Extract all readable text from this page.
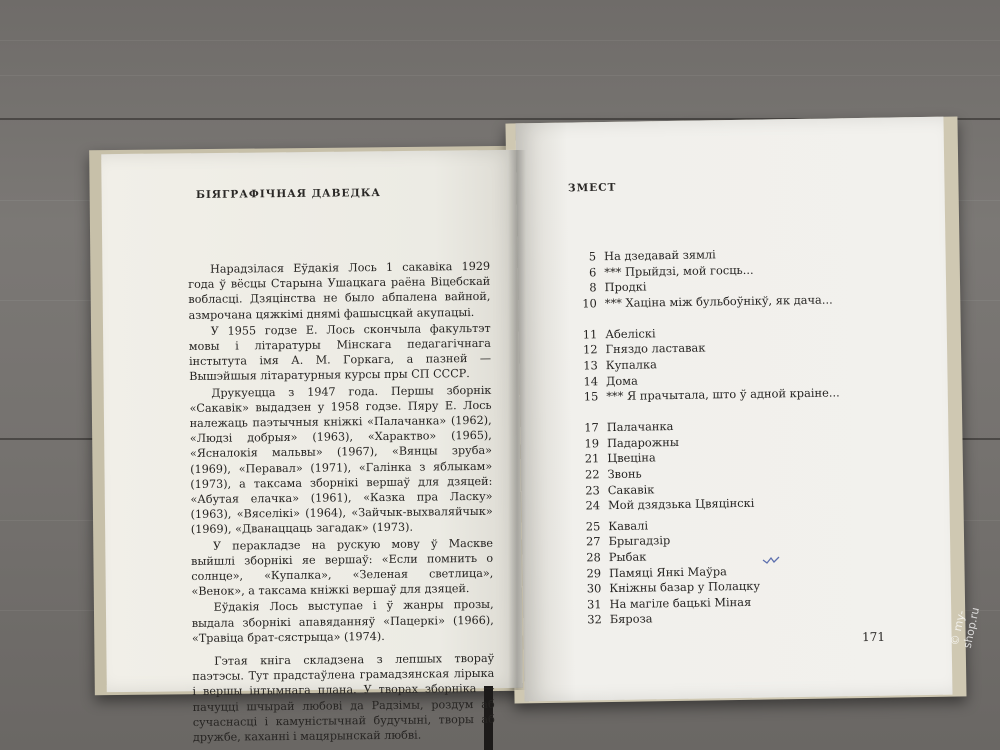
БІЯГРАФІЧНАЯ ДАВЕДКА

Нарадзілася Еўдакія Лось 1 сакавіка 1929 года ў вёсцы Старына Ушацкага раёна Віцебскай вобласці. Дзяцінства не было абпалена вайной, азмрочана цяжкімі днямі фашысцкай акупацыі.

У 1955 годзе Е. Лось скончыла факультэт мовы і літаратуры Мінскага педагагічнага інстытута імя А. М. Горкага, а пазней — Вышэйшыя літаратурныя курсы пры СП СССР.

Друкуецца з 1947 года. Першы зборнік «Сакавік» выдадзен у 1958 годзе. Пяру Е. Лось належаць паэтычныя кніжкі «Палачанка» (1962), «Людзі добрыя» (1963), «Характво» (1965), «Ясналокія мальвы» (1967), «Вянцы зруба» (1969), «Перавал» (1971), «Галінка з яблыкам» (1973), а таксама зборнікі вершаў для дзяцей: «Абутая елачка» (1961), «Казка пра Ласку» (1963), «Вяселікі» (1964), «Зайчык-выхваляйчык» (1969), «Дванаццаць загадак» (1973).

У перакладзе на рускую мову ў Маскве выйшлі зборнікі яе вершаў: «Если помнить о солнце», «Купалка», «Зеленая светлица», «Венок», а таксама кніжкі вершаў для дзяцей.

Еўдакія Лось выступае і ў жанры прозы, выдала зборнікі апавяданняў «Пацеркі» (1966), «Травіца брат-сястрыца» (1974).

Гэтая кніга складзена з лепшых твораў паэтэсы. Тут прадстаўлена грамадзянская лірыка і вершы інтымнага плана. У творах зборніка — пачуцці шчырай любові да Радзімы, роздум аб сучаснасці і камуністычнай будучыні, творы аб дружбе, каханні і мацярынскай любві.

ЗМЕСТ
5 На дзедавай зямлі
6 *** Прыйдзі, мой госць...
8 Продкі
10 *** Хаціна між бульбоўнікў, як дача...
11 Абеліскі
12 Гняздо ластавак
13 Купалка
14 Дома
15 *** Я прачытала, што ў адной краіне...
17 Палачанка
19 Падарожны
21 Цвеціна
22 Звонь
23 Сакавік
24 Мой дзядзька Цвяцінскі
25 Кавалі
27 Брыгадзір
28 Рыбак
29 Памяці Янкі Маўра
30 Кніжны базар у Полацку
31 На магіле бацькі Міная
32 Бяроза
171	© my-shop.ru
